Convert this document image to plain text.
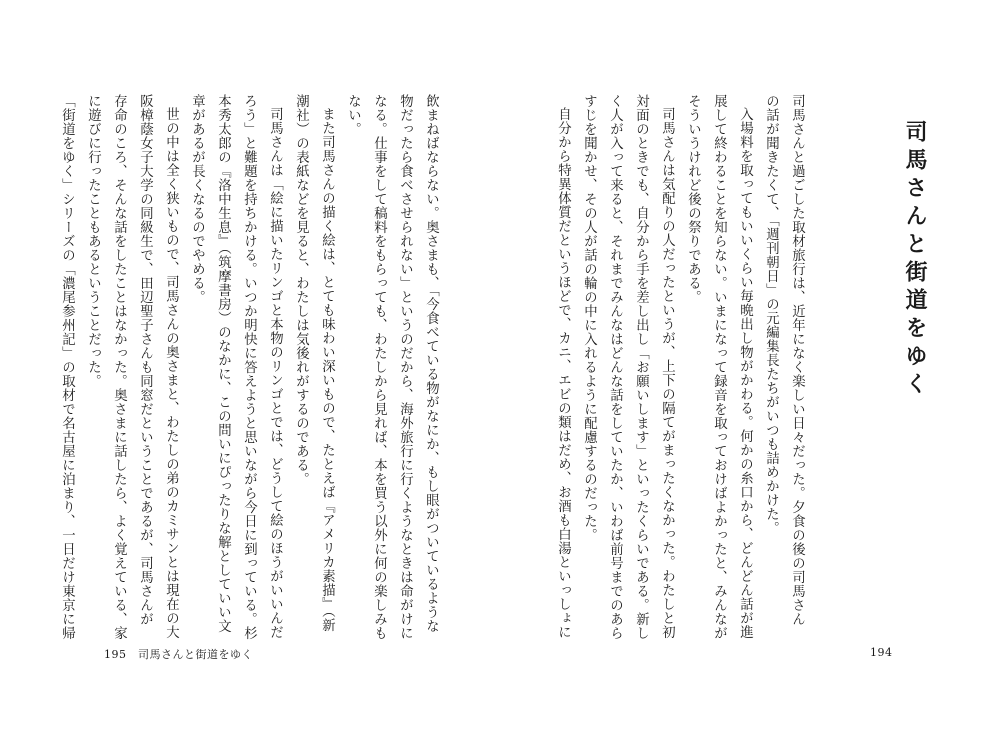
司馬さんと街道をゆく
司馬さんと過ごした取材旅行は、近年になく楽しい日々だった。夕食の後の司馬さん
の話が聞きたくて、「週刊朝日」の元編集長たちがいつも詰めかけた。
入場料を取ってもいいくらい毎晩出し物がかわる。何かの糸口から、どんどん話が進
展して終わることを知らない。いまになって録音を取っておけばよかったと、みんなが
そういうけれど後の祭りである。
司馬さんは気配りの人だったというが、上下の隔てがまったくなかった。わたしと初
対面のときでも、自分から手を差し出し「お願いします」といったくらいである。新し
く人が入って来ると、それまでみんなはどんな話をしていたか、いわば前号までのあら
すじを聞かせ、その人が話の輪の中に入れるように配慮するのだった。
自分から特異体質だというほどで、カニ、エビの類はだめ、お酒も白湯といっしょに
飲まねばならない。奥さまも、「今食べている物がなにか、もし眼がついているような
物だったら食べさせられない」というのだから、海外旅行に行くようなときは命がけに
なる。仕事をして稿料をもらっても、わたしから見れば、本を買う以外に何の楽しみも
ない。
また司馬さんの描く絵は、とても味わい深いもので、たとえば『アメリカ素描』（新
潮社）の表紙などを見ると、わたしは気後れがするのである。
司馬さんは「絵に描いたリンゴと本物のリンゴとでは、どうして絵のほうがいいんだ
ろう」と難題を持ちかける。いつか明快に答えようと思いながら今日に到っている。杉
本秀太郎の『洛中生息』（筑摩書房）のなかに、この問いにぴったりな解としていい文
章があるが長くなるのでやめる。
世の中は全く狭いもので、司馬さんの奥さまと、わたしの弟のカミサンとは現在の大
阪樟蔭女子大学の同級生で、田辺聖子さんも同窓だということであるが、司馬さんが
存命のころ、そんな話をしたことはなかった。奥さまに話したら、よく覚えている、家
に遊びに行ったこともあるということだった。
「街道をゆく」シリーズの「濃尾参州記」の取材で名古屋に泊まり、一日だけ東京に帰
195　司馬さんと街道をゆく	194
